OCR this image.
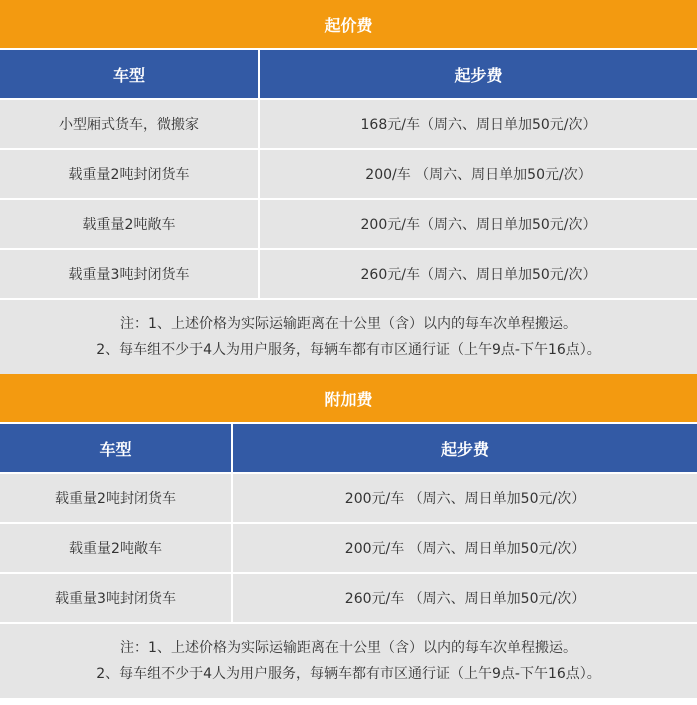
起价费
车型	起步费
小型厢式货车，微搬家	168元/车（周六、周日单加50元/次）
载重量2吨封闭货车	200/车 （周六、周日单加50元/次）
载重量2吨敞车	200元/车（周六、周日单加50元/次）
载重量3吨封闭货车	260元/车（周六、周日单加50元/次）
注：1、上述价格为实际运输距离在十公里（含）以内的每车次单程搬运。
2、每车组不少于4人为用户服务，每辆车都有市区通行证（上午9点-下午16点）。
附加费
车型	起步费
载重量2吨封闭货车	200元/车 （周六、周日单加50元/次）
载重量2吨敞车	200元/车 （周六、周日单加50元/次）
载重量3吨封闭货车	260元/车 （周六、周日单加50元/次）
注：1、上述价格为实际运输距离在十公里（含）以内的每车次单程搬运。
2、每车组不少于4人为用户服务，每辆车都有市区通行证（上午9点-下午16点）。
